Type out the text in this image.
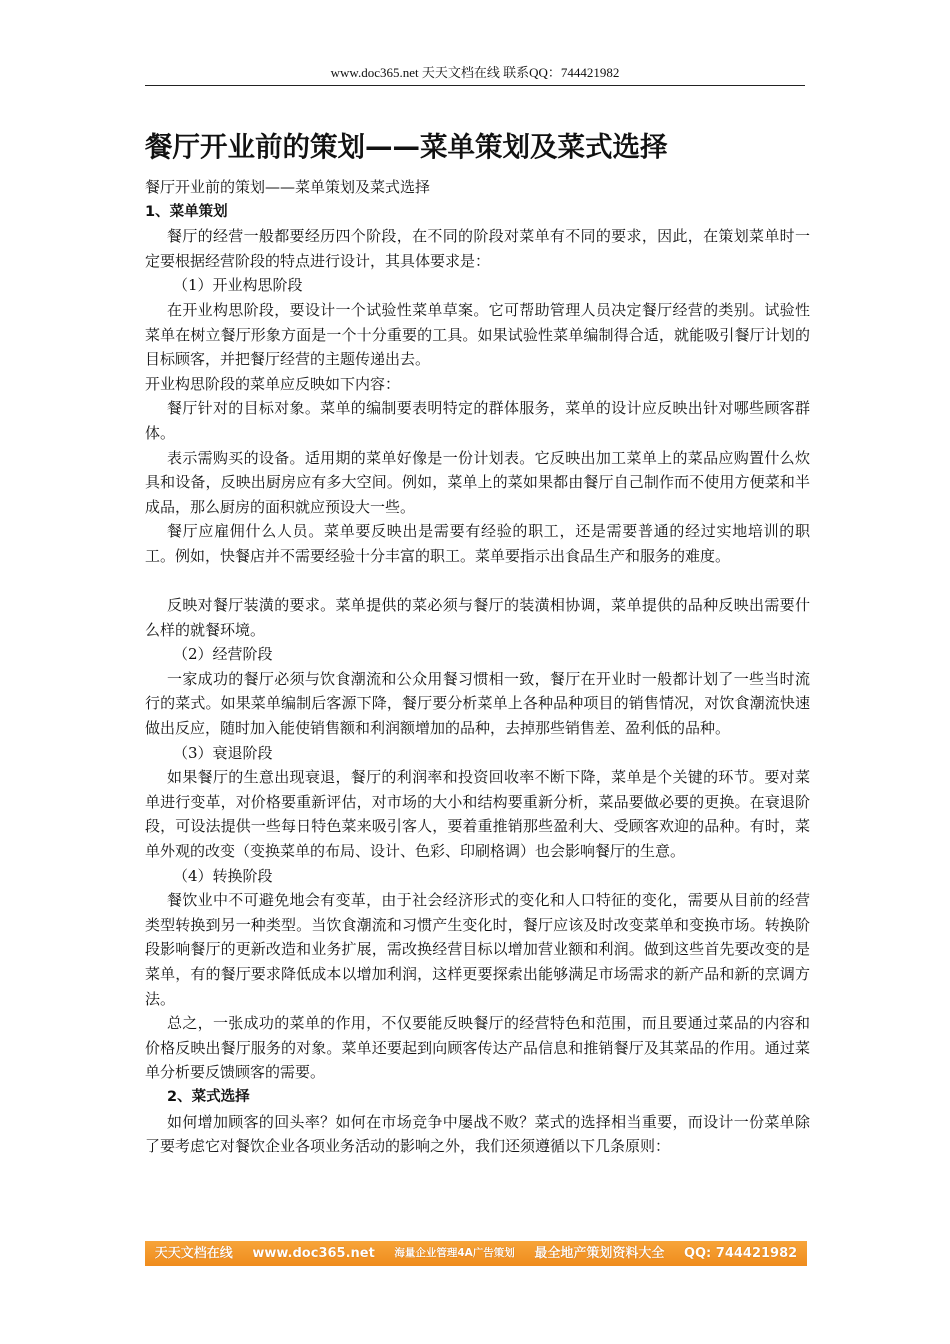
www.doc365.net 天天文档在线 联系QQ：744421982
餐厅开业前的策划——菜单策划及菜式选择

餐厅开业前的策划——菜单策划及菜式选择

1、菜单策划

餐厅的经营一般都要经历四个阶段，在不同的阶段对菜单有不同的要求，因此，在策划菜单时一定要根据经营阶段的特点进行设计，其具体要求是：

（1）开业构思阶段

在开业构思阶段，要设计一个试验性菜单草案。它可帮助管理人员决定餐厅经营的类别。试验性菜单在树立餐厅形象方面是一个十分重要的工具。如果试验性菜单编制得合适，就能吸引餐厅计划的目标顾客，并把餐厅经营的主题传递出去。

开业构思阶段的菜单应反映如下内容：

餐厅针对的目标对象。菜单的编制要表明特定的群体服务，菜单的设计应反映出针对哪些顾客群体。

表示需购买的设备。适用期的菜单好像是一份计划表。它反映出加工菜单上的菜品应购置什么炊具和设备，反映出厨房应有多大空间。例如，菜单上的菜如果都由餐厅自己制作而不使用方便菜和半成品，那么厨房的面积就应预设大一些。

餐厅应雇佣什么人员。菜单要反映出是需要有经验的职工，还是需要普通的经过实地培训的职工。例如，快餐店并不需要经验十分丰富的职工。菜单要指示出食品生产和服务的难度。

反映对餐厅装潢的要求。菜单提供的菜必须与餐厅的装潢相协调，菜单提供的品种反映出需要什么样的就餐环境。

（2）经营阶段

一家成功的餐厅必须与饮食潮流和公众用餐习惯相一致，餐厅在开业时一般都计划了一些当时流行的菜式。如果菜单编制后客源下降，餐厅要分析菜单上各种品种项目的销售情况，对饮食潮流快速做出反应，随时加入能使销售额和利润额增加的品种，去掉那些销售差、盈利低的品种。

（3）衰退阶段

如果餐厅的生意出现衰退，餐厅的利润率和投资回收率不断下降，菜单是个关键的环节。要对菜单进行变革，对价格要重新评估，对市场的大小和结构要重新分析，菜品要做必要的更换。在衰退阶段，可设法提供一些每日特色菜来吸引客人，要着重推销那些盈利大、受顾客欢迎的品种。有时，菜单外观的改变（变换菜单的布局、设计、色彩、印刷格调）也会影响餐厅的生意。

（4）转换阶段

餐饮业中不可避免地会有变革，由于社会经济形式的变化和人口特征的变化，需要从目前的经营类型转换到另一种类型。当饮食潮流和习惯产生变化时，餐厅应该及时改变菜单和变换市场。转换阶段影响餐厅的更新改造和业务扩展，需改换经营目标以增加营业额和利润。做到这些首先要改变的是菜单，有的餐厅要求降低成本以增加利润，这样更要探索出能够满足市场需求的新产品和新的烹调方法。

总之，一张成功的菜单的作用，不仅要能反映餐厅的经营特色和范围，而且要通过菜品的内容和价格反映出餐厅服务的对象。菜单还要起到向顾客传达产品信息和推销餐厅及其菜品的作用。通过菜单分析要反馈顾客的需要。

2、菜式选择

如何增加顾客的回头率？如何在市场竞争中屡战不败？菜式的选择相当重要，而设计一份菜单除了要考虑它对餐饮企业各项业务活动的影响之外，我们还须遵循以下几条原则：

天天文档在线 www.doc365.net 海量企业管理4A广告策划 最全地产策划资料大全 QQ: 744421982
